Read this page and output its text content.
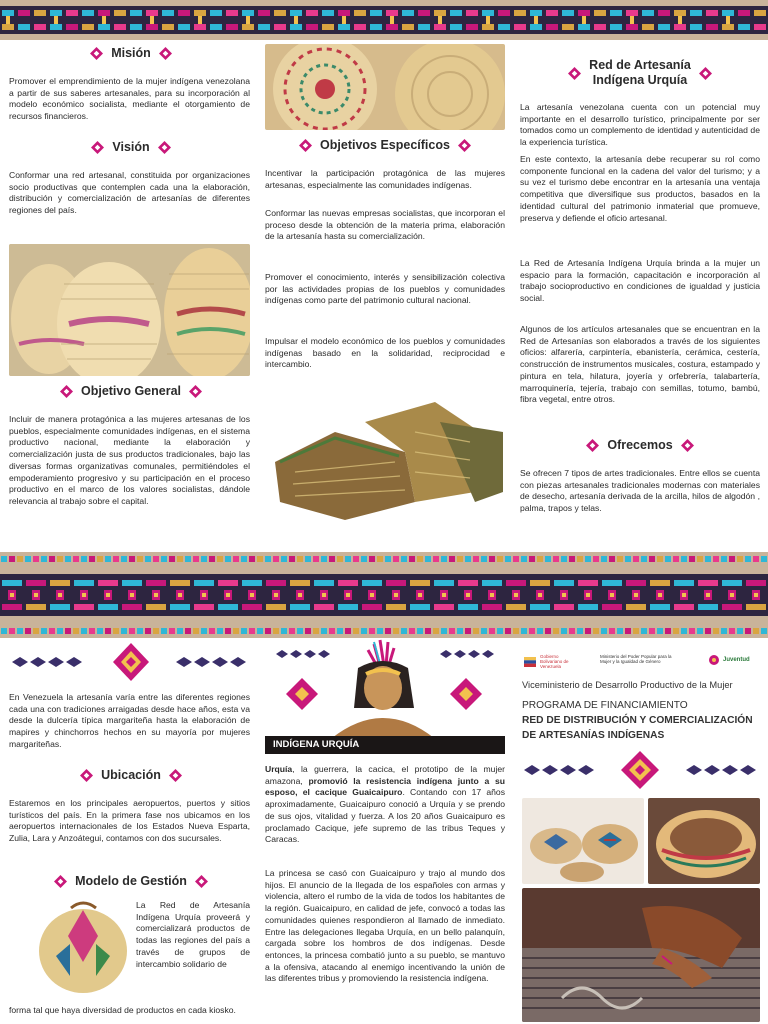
Misión

Promover el emprendimiento de la mujer indígena venezolana a partir de sus saberes artesanales, para su incorporación al modelo económico socialista, mediante el otorgamiento de recursos financieros.

Visión

Conformar una red artesanal, constituida por organizaciones socio productivas que contemplen cada una la elaboración, distribución y comercialización de artesanías de diferentes regiones del país.

Objetivo General

Incluir de manera protagónica a las mujeres artesanas de los pueblos, especialmente comunidades indígenas, en el sistema productivo nacional, mediante la elaboración y comercialización justa de sus productos tradicionales, bajo las diversas formas organizativas comunales, permitiéndoles el empoderamiento progresivo y su participación en el proceso productivo en el marco de los valores socialistas, dándole relevancia al trabajo sobre el capital.

Objetivos Específicos

Incentivar la participación protagónica de las mujeres artesanas, especialmente las comunidades indígenas.

Conformar las nuevas empresas socialistas, que incorporan el proceso desde la obtención de la materia prima, elaboración de la artesanía hasta su comercialización.

Promover el conocimiento, interés y sensibilización colectiva por las actividades propias de los pueblos y comunidades indígenas como parte del patrimonio cultural nacional.

Impulsar el modelo económico de los pueblos y comunidades indígenas basado en la solidaridad, reciprocidad e intercambio.

Red de Artesanía
Indígena Urquía

La artesanía venezolana cuenta con un potencial muy importante en el desarrollo turístico, principalmente por ser tomados como un complemento de identidad y autenticidad de la experiencia turística.

En este contexto, la artesanía debe recuperar su rol como componente funcional en la cadena del valor del turismo; y a su vez el turismo debe encontrar en la artesanía una ventaja competitiva que diversifique sus productos, basados en la identidad cultural del patrimonio inmaterial que promueve, preserva y defiende el oficio artesanal.

La Red de Artesanía Indígena Urquía brinda a la mujer un espacio para la formación, capacitación e incorporación al trabajo socioproductivo en condiciones de igualdad y justicia social.

Algunos de los artículos artesanales que se encuentran en la Red de Artesanías son elaborados a través de los siguientes oficios: alfarería, carpintería, ebanistería, cerámica, cestería, construcción de instrumentos musicales, costura, estampado y pintura en tela, hilatura, joyería y orfebrería, talabartería, marroquinería, tejería, trabajo con semillas, totumo, bambú, fibra vegetal, entre otros.

Ofrecemos

Se ofrecen 7 tipos de artes tradicionales. Entre ellos se cuenta con piezas artesanales tradicionales modernas con materiales de desecho, artesanía derivada de la arcilla, hilos de algodón , palma, trapos y telas.

En Venezuela la artesanía varía entre las diferentes regiones cada una con tradiciones arraigadas desde hace años, esta va desde la dulcería típica margariteña hasta la elaboración de mapires y chinchorros hechos en su mayoría por mujeres margariteñas.

Ubicación

Estaremos en los principales aeropuertos, puertos y sitios turísticos del país. En la primera fase nos ubicamos en los aeropuertos internacionales de los Estados Nueva Esparta, Zulia, Lara y Anzoátegui, contamos con dos sucursales.

Modelo de Gestión

La Red de Artesanía Indígena Urquía proveerá y comercializará productos de todas las regiones del país a través de grupos de intercambio solidario de

forma tal que haya diversidad de productos en cada kiosko.

INDÍGENA URQUÍA

Urquía, la guerrera, la cacica, el prototipo de la mujer amazona, promovió la resistencia indígena junto a su esposo, el cacique Guaicaipuro. Contando con 17 años aproximadamente, Guaicaipuro conoció a Urquía y se prendo de sus ojos, vitalidad y fuerza. A los 20 años Guaicaipuro es proclamado Cacique, jefe supremo de las tribus Teques y Caracas.

La princesa se casó con Guaicaipuro y trajo al mundo dos hijos. El anuncio de la llegada de los españoles con armas y violencia, altero el rumbo de la vida de todos los habitantes de la región. Guaicaipuro, en calidad de jefe, convocó a todas las comunidades quienes respondieron al llamado de inmediato. Entre las delegaciones llegaba Urquía, en un bello palanquín, cargada sobre los hombros de dos indígenas. Desde entonces, la princesa combatió junto a su pueblo, se mantuvo a la ofensiva, atacando al enemigo incentivando la unión de las diferentes tribus y promoviendo la resistencia indígena.

Gobierno Bolivariano de Venezuela
Ministerio del Poder Popular para la Mujer y la Igualdad de Género	Juventud

Viceministerio de Desarrollo Productivo de la Mujer

PROGRAMA DE FINANCIAMIENTO

RED DE DISTRIBUCIÓN Y COMERCIALIZACIÓN

DE ARTESANÍAS INDÍGENAS
